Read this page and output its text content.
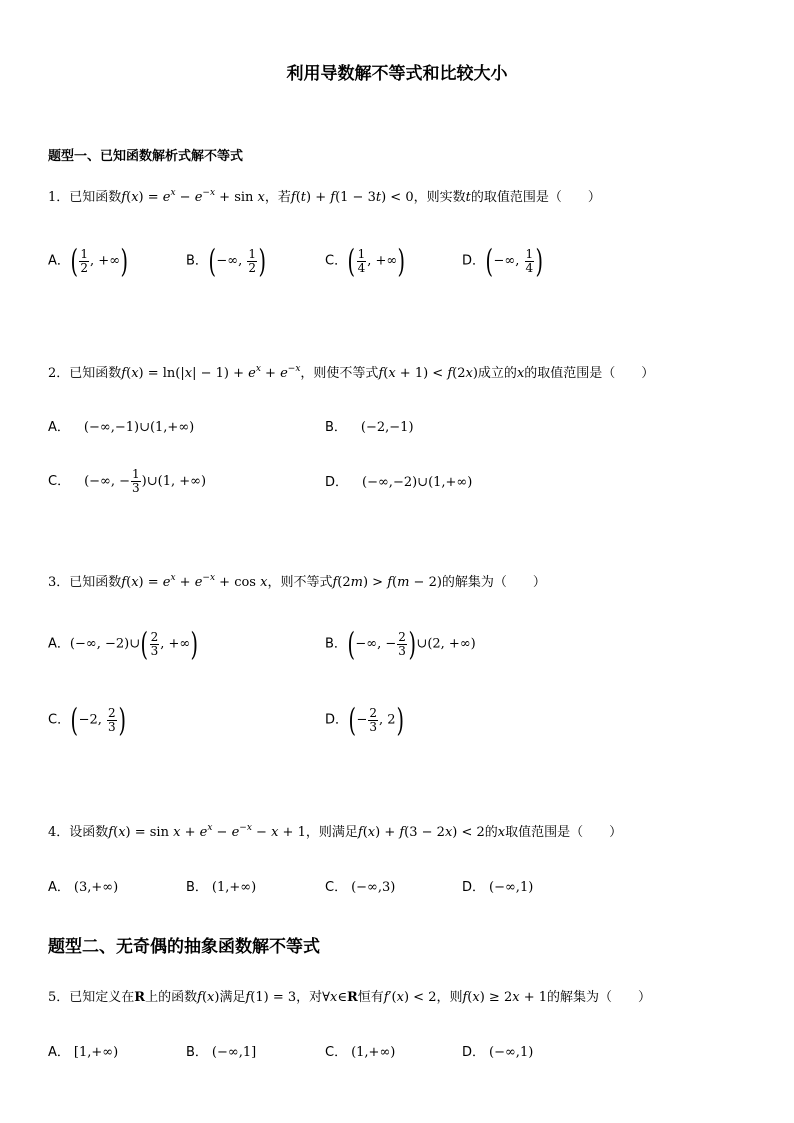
利用导数解不等式和比较大小
题型一、已知函数解析式解不等式
1．已知函数$f(x) = e^x - e^{-x} + \sin x$，若f(t) + f(1 − 3t) < 0，则实数t的取值范围是（　　）
A．( $\frac{1}{2}$ , +∞)	B．(−∞, $\frac{1}{2}$ )	C．( $\frac{1}{4}$ , +∞)	D．(−∞, $\frac{1}{4}$ )
2．已知函数$f(x) = \ln(|x| - 1) + e^x + e^{-x}$，则使不等式f(x + 1) < f(2x)成立的x的取值范围是（　　）
A． (−∞,−1)∪(1,+∞)	B． (−2,−1)
C． (−∞, − $\frac{1}{3}$ )∪(1, +∞)	D． (−∞,−2)∪(1,+∞)
3．已知函数$f(x) = e^x + e^{-x} + \cos x$，则不等式f(2m) > f(m − 2)的解集为（　　）
A．(−∞, −2)∪( $\frac{2}{3}$ , +∞)	B．(−∞, − $\frac{2}{3}$ )∪(2, +∞)
C．(−2, $\frac{2}{3}$ )	D．(− $\frac{2}{3}$ , 2)
4．设函数$f(x) = \sin x + e^x - e^{-x} - x + 1$，则满足f(x) + f(3 − 2x) < 2的x取值范围是（　　）
A． (3,+∞)	B． (1,+∞)	C． (−∞,3)	D． (−∞,1)
题型二、无奇偶的抽象函数解不等式
5．已知定义在R上的函数f(x)满足f(1) = 3，对∀x∈R恒有f′(x) < 2，则f(x) ≥ 2x + 1的解集为（　　）
A． [1,+∞)	B． (−∞,1]	C． (1,+∞)	D． (−∞,1)
